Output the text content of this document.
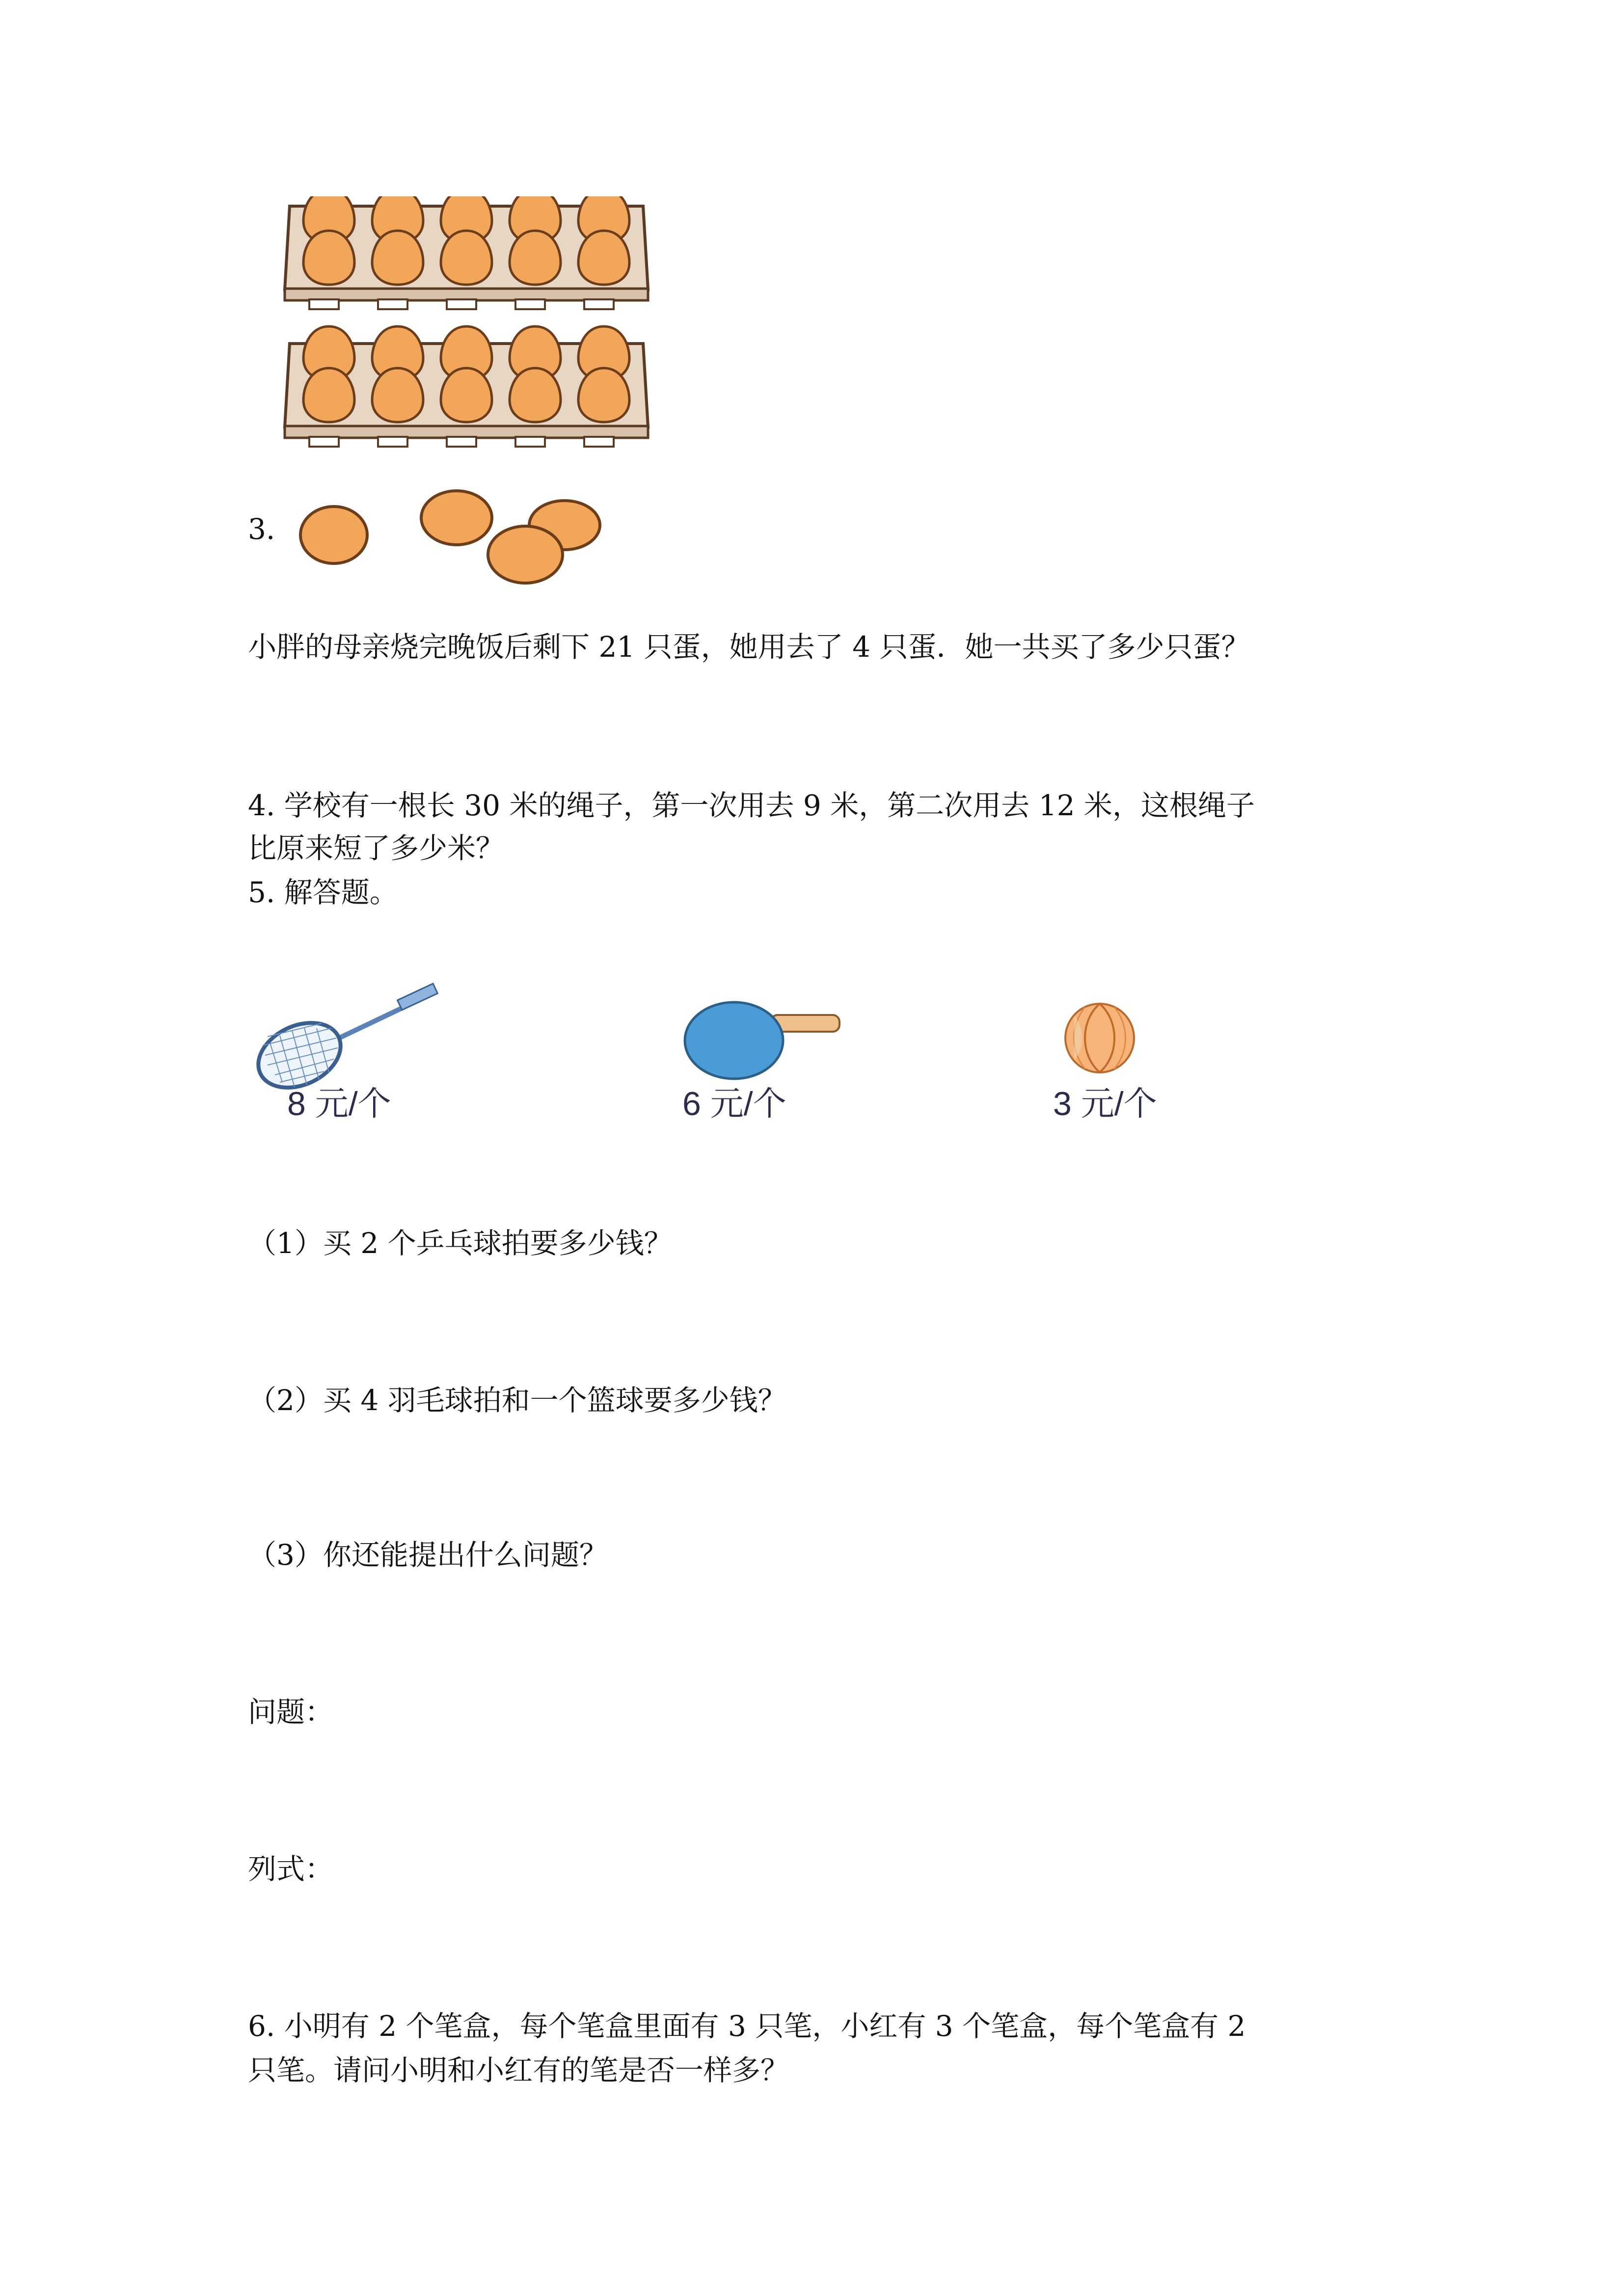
3.
小胖的母亲烧完晚饭后剩下 21 只蛋，她用去了 4 只蛋．她一共买了多少只蛋？
4. 学校有一根长 30 米的绳子，第一次用去 9 米，第二次用去 12 米，这根绳子
比原来短了多少米？
5. 解答题。
8 元/个	6 元/个	3 元/个
（1）买 2 个乒乓球拍要多少钱？
（2）买 4 羽毛球拍和一个篮球要多少钱？
（3）你还能提出什么问题？
问题：
列式：
6. 小明有 2 个笔盒，每个笔盒里面有 3 只笔，小红有 3 个笔盒，每个笔盒有 2
只笔。请问小明和小红有的笔是否一样多？
